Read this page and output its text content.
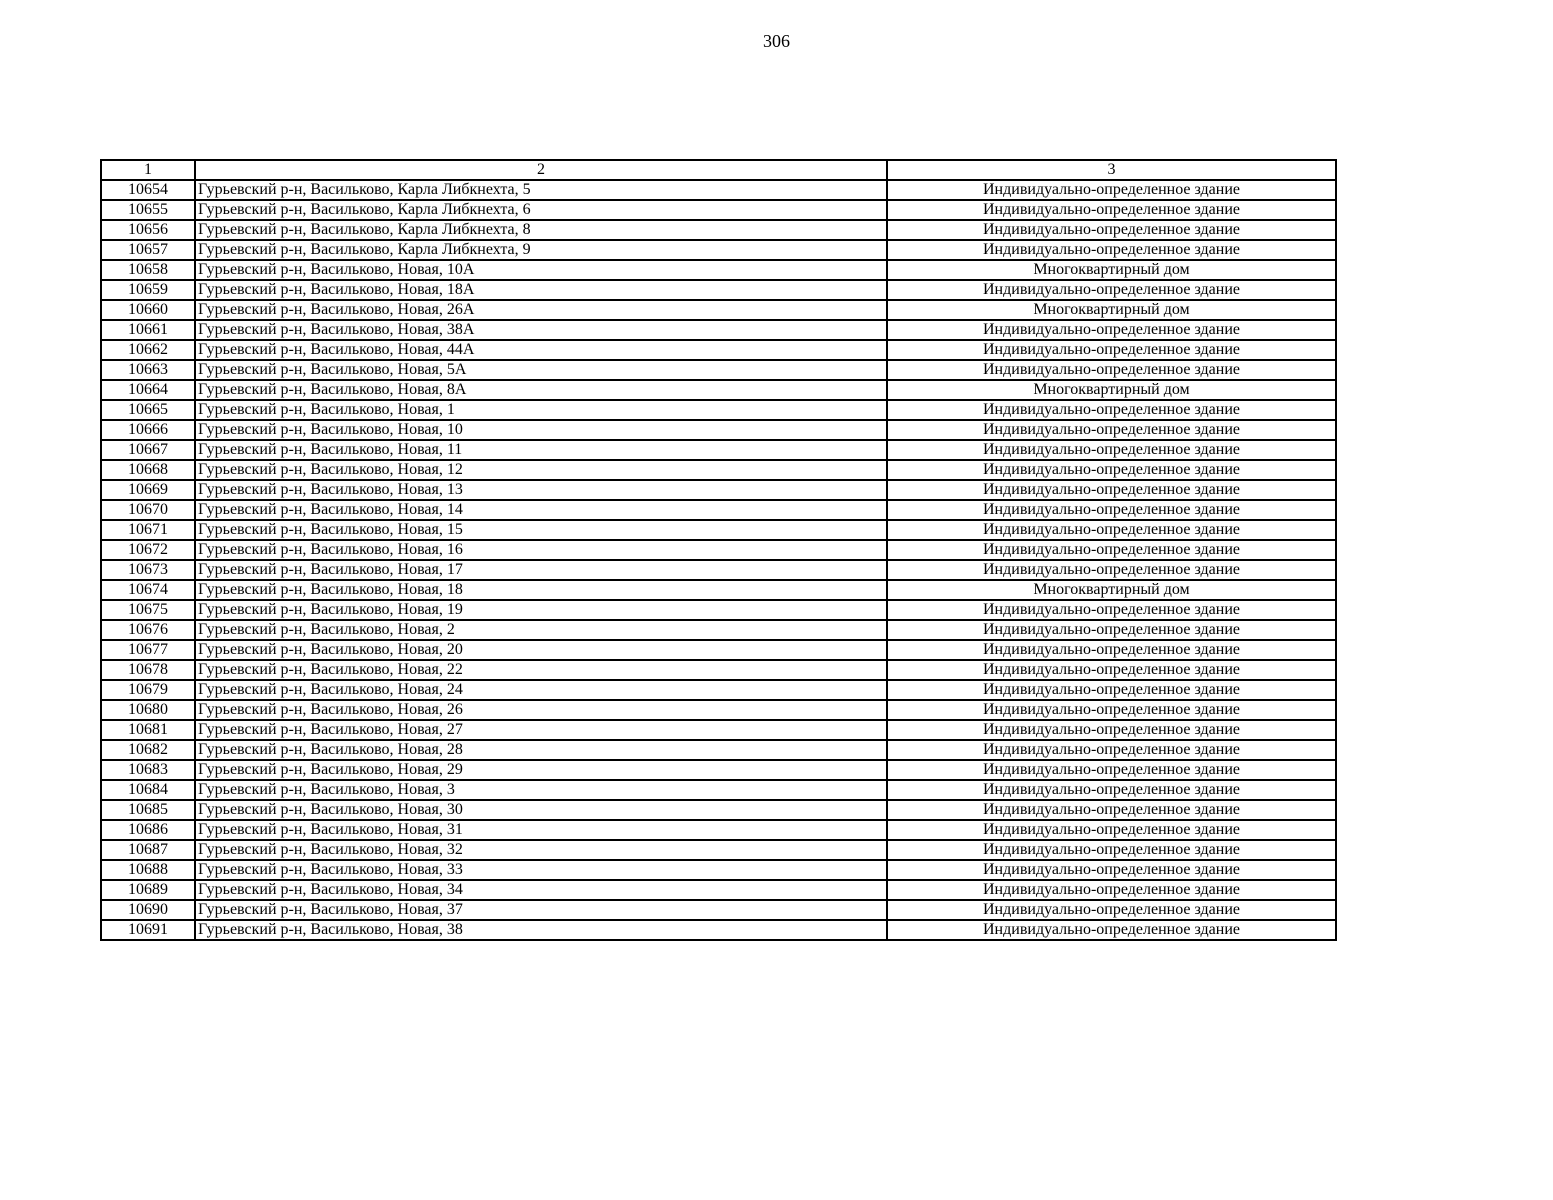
306
1	2	3
10654	Гурьевский р-н, Васильково, Карла Либкнехта, 5	Индивидуально-определенное здание
10655	Гурьевский р-н, Васильково, Карла Либкнехта, 6	Индивидуально-определенное здание
10656	Гурьевский р-н, Васильково, Карла Либкнехта, 8	Индивидуально-определенное здание
10657	Гурьевский р-н, Васильково, Карла Либкнехта, 9	Индивидуально-определенное здание
10658	Гурьевский р-н, Васильково, Новая, 10А	Многоквартирный дом
10659	Гурьевский р-н, Васильково, Новая, 18А	Индивидуально-определенное здание
10660	Гурьевский р-н, Васильково, Новая, 26А	Многоквартирный дом
10661	Гурьевский р-н, Васильково, Новая, 38А	Индивидуально-определенное здание
10662	Гурьевский р-н, Васильково, Новая, 44А	Индивидуально-определенное здание
10663	Гурьевский р-н, Васильково, Новая, 5А	Индивидуально-определенное здание
10664	Гурьевский р-н, Васильково, Новая, 8А	Многоквартирный дом
10665	Гурьевский р-н, Васильково, Новая, 1	Индивидуально-определенное здание
10666	Гурьевский р-н, Васильково, Новая, 10	Индивидуально-определенное здание
10667	Гурьевский р-н, Васильково, Новая, 11	Индивидуально-определенное здание
10668	Гурьевский р-н, Васильково, Новая, 12	Индивидуально-определенное здание
10669	Гурьевский р-н, Васильково, Новая, 13	Индивидуально-определенное здание
10670	Гурьевский р-н, Васильково, Новая, 14	Индивидуально-определенное здание
10671	Гурьевский р-н, Васильково, Новая, 15	Индивидуально-определенное здание
10672	Гурьевский р-н, Васильково, Новая, 16	Индивидуально-определенное здание
10673	Гурьевский р-н, Васильково, Новая, 17	Индивидуально-определенное здание
10674	Гурьевский р-н, Васильково, Новая, 18	Многоквартирный дом
10675	Гурьевский р-н, Васильково, Новая, 19	Индивидуально-определенное здание
10676	Гурьевский р-н, Васильково, Новая, 2	Индивидуально-определенное здание
10677	Гурьевский р-н, Васильково, Новая, 20	Индивидуально-определенное здание
10678	Гурьевский р-н, Васильково, Новая, 22	Индивидуально-определенное здание
10679	Гурьевский р-н, Васильково, Новая, 24	Индивидуально-определенное здание
10680	Гурьевский р-н, Васильково, Новая, 26	Индивидуально-определенное здание
10681	Гурьевский р-н, Васильково, Новая, 27	Индивидуально-определенное здание
10682	Гурьевский р-н, Васильково, Новая, 28	Индивидуально-определенное здание
10683	Гурьевский р-н, Васильково, Новая, 29	Индивидуально-определенное здание
10684	Гурьевский р-н, Васильково, Новая, 3	Индивидуально-определенное здание
10685	Гурьевский р-н, Васильково, Новая, 30	Индивидуально-определенное здание
10686	Гурьевский р-н, Васильково, Новая, 31	Индивидуально-определенное здание
10687	Гурьевский р-н, Васильково, Новая, 32	Индивидуально-определенное здание
10688	Гурьевский р-н, Васильково, Новая, 33	Индивидуально-определенное здание
10689	Гурьевский р-н, Васильково, Новая, 34	Индивидуально-определенное здание
10690	Гурьевский р-н, Васильково, Новая, 37	Индивидуально-определенное здание
10691	Гурьевский р-н, Васильково, Новая, 38	Индивидуально-определенное здание
